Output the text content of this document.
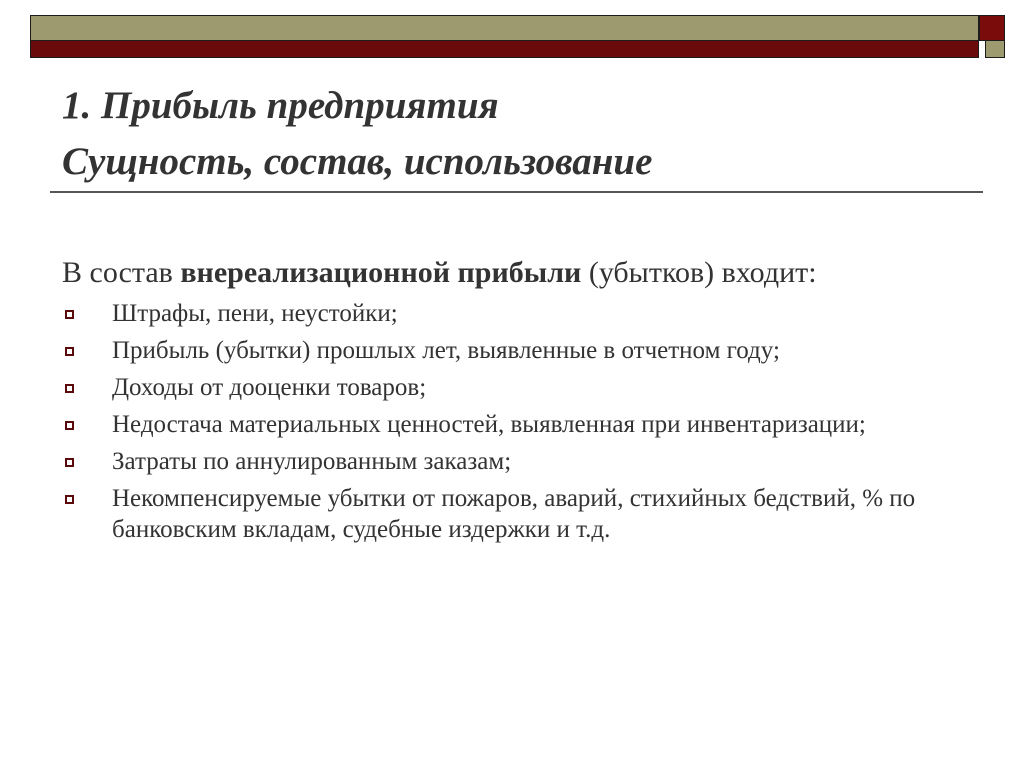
1. Прибыль предприятия
Сущность, состав, использование
В состав внереализационной прибыли (убытков) входит:
Штрафы, пени, неустойки;
Прибыль (убытки) прошлых лет, выявленные в отчетном году;
Доходы от дооценки товаров;
Недостача материальных ценностей, выявленная при инвентаризации;
Затраты по аннулированным заказам;
Некомпенсируемые убытки от пожаров, аварий, стихийных бедствий, % по банковским вкладам, судебные издержки и т.д.
